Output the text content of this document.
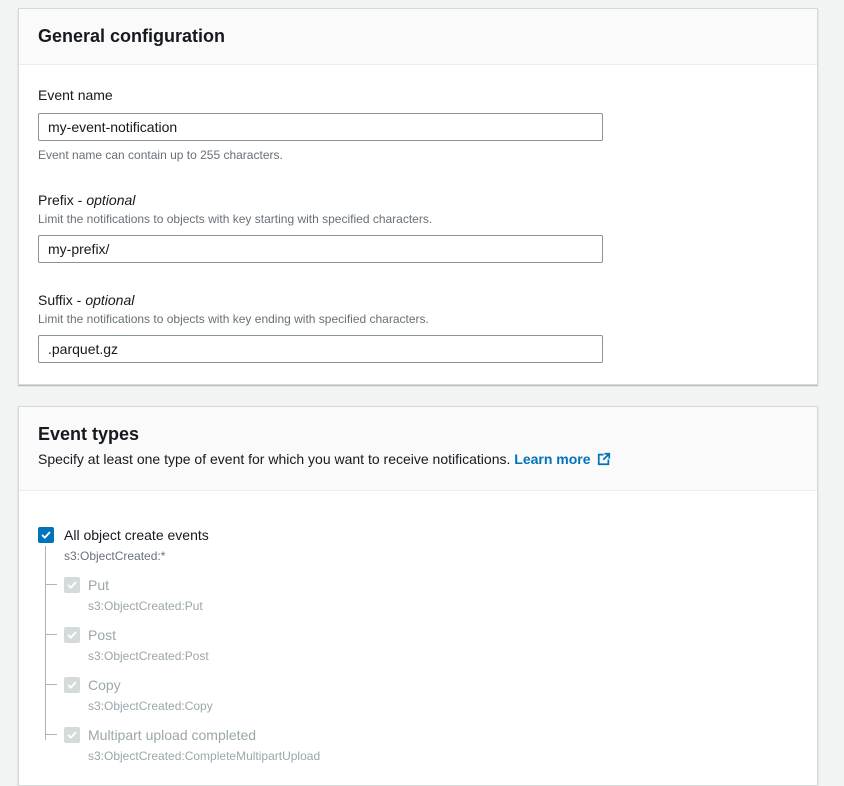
General configuration
Event name
my-event-notification
Event name can contain up to 255 characters.
Prefix - optional
Limit the notifications to objects with key starting with specified characters.
my-prefix/
Suffix - optional
Limit the notifications to objects with key ending with specified characters.
.parquet.gz
Event types
Specify at least one type of event for which you want to receive notifications. Learn more
All object create events
s3:ObjectCreated:*
Put
s3:ObjectCreated:Put
Post
s3:ObjectCreated:Post
Copy
s3:ObjectCreated:Copy
Multipart upload completed
s3:ObjectCreated:CompleteMultipartUpload
